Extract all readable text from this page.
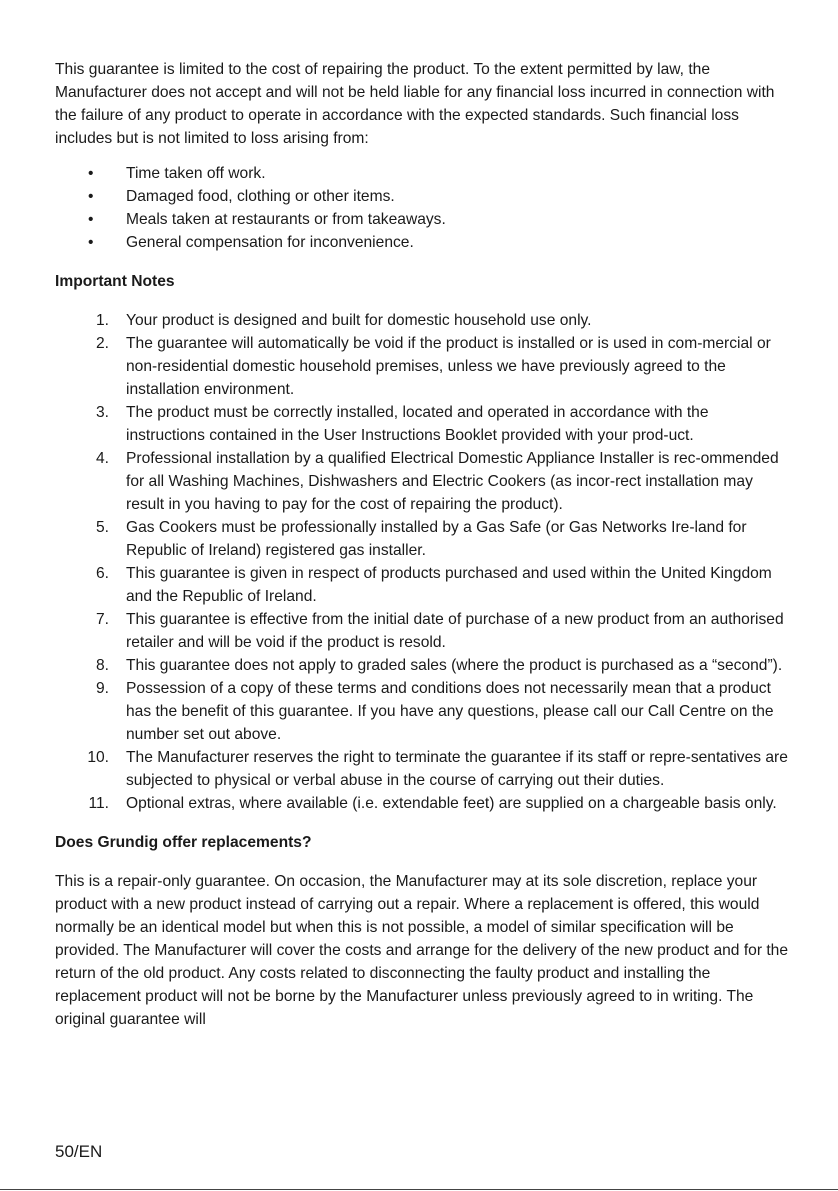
This guarantee is limited to the cost of repairing the product. To the extent permitted by law, the Manufacturer does not accept and will not be held liable for any financial loss incurred in connection with the failure of any product to operate in accordance with the expected standards. Such financial loss includes but is not limited to loss arising from:

• Time taken off work.
• Damaged food, clothing or other items.
• Meals taken at restaurants or from takeaways.
• General compensation for inconvenience.
Important Notes
1. Your product is designed and built for domestic household use only.
2. The guarantee will automatically be void if the product is installed or is used in com-mercial or non-residential domestic household premises, unless we have previously agreed to the installation environment.
3. The product must be correctly installed, located and operated in accordance with the instructions contained in the User Instructions Booklet provided with your prod-uct.
4. Professional installation by a qualified Electrical Domestic Appliance Installer is rec-ommended for all Washing Machines, Dishwashers and Electric Cookers (as incor-rect installation may result in you having to pay for the cost of repairing the product).
5. Gas Cookers must be professionally installed by a Gas Safe (or Gas Networks Ire-land for Republic of Ireland) registered gas installer.
6. This guarantee is given in respect of products purchased and used within the United Kingdom and the Republic of Ireland.
7. This guarantee is effective from the initial date of purchase of a new product from an authorised retailer and will be void if the product is resold.
8. This guarantee does not apply to graded sales (where the product is purchased as a “second”).
9. Possession of a copy of these terms and conditions does not necessarily mean that a product has the benefit of this guarantee. If you have any questions, please call our Call Centre on the number set out above.
10. The Manufacturer reserves the right to terminate the guarantee if its staff or repre-sentatives are subjected to physical or verbal abuse in the course of carrying out their duties.
11. Optional extras, where available (i.e. extendable feet) are supplied on a chargeable basis only.
Does Grundig offer replacements?

This is a repair-only guarantee. On occasion, the Manufacturer may at its sole discretion, replace your product with a new product instead of carrying out a repair. Where a replacement is offered, this would normally be an identical model but when this is not possible, a model of similar specification will be provided. The Manufacturer will cover the costs and arrange for the delivery of the new product and for the return of the old product. Any costs related to disconnecting the faulty product and installing the replacement product will not be borne by the Manufacturer unless previously agreed to in writing. The original guarantee will

50/EN
